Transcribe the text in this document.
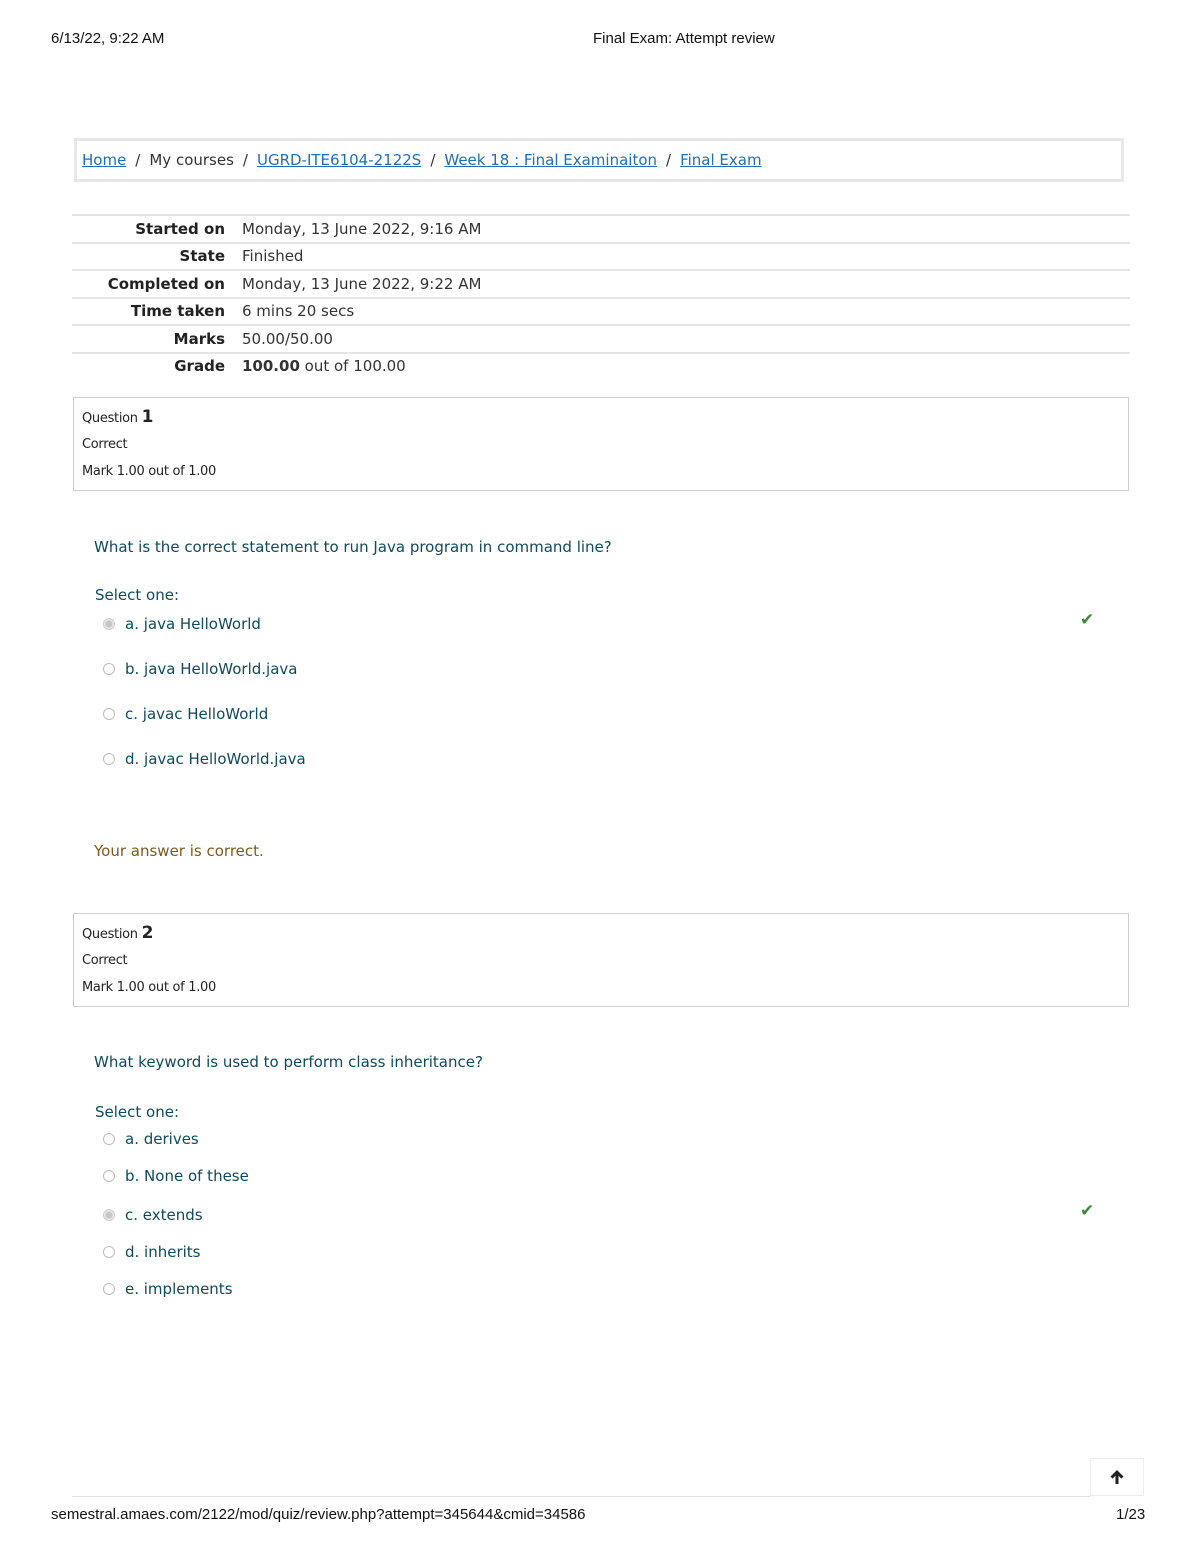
6/13/22, 9:22 AM	Final Exam: Attempt review
Home / My courses / UGRD-ITE6104-2122S / Week 18 : Final Examinaiton / Final Exam
Started on	Monday, 13 June 2022, 9:16 AM
State	Finished
Completed on	Monday, 13 June 2022, 9:22 AM
Time taken	6 mins 20 secs
Marks	50.00/50.00
Grade	100.00 out of 100.00
Question 1
Correct
Mark 1.00 out of 1.00
What is the correct statement to run Java program in command line?
Select one:
a. java HelloWorld	✔
b. java HelloWorld.java
c. javac HelloWorld
d. javac HelloWorld.java
Your answer is correct.
Question 2
Correct
Mark 1.00 out of 1.00
What keyword is used to perform class inheritance?
Select one:
a. derives
b. None of these
c. extends	✔
d. inherits
e. implements
semestral.amaes.com/2122/mod/quiz/review.php?attempt=345644&cmid=34586	1/23
